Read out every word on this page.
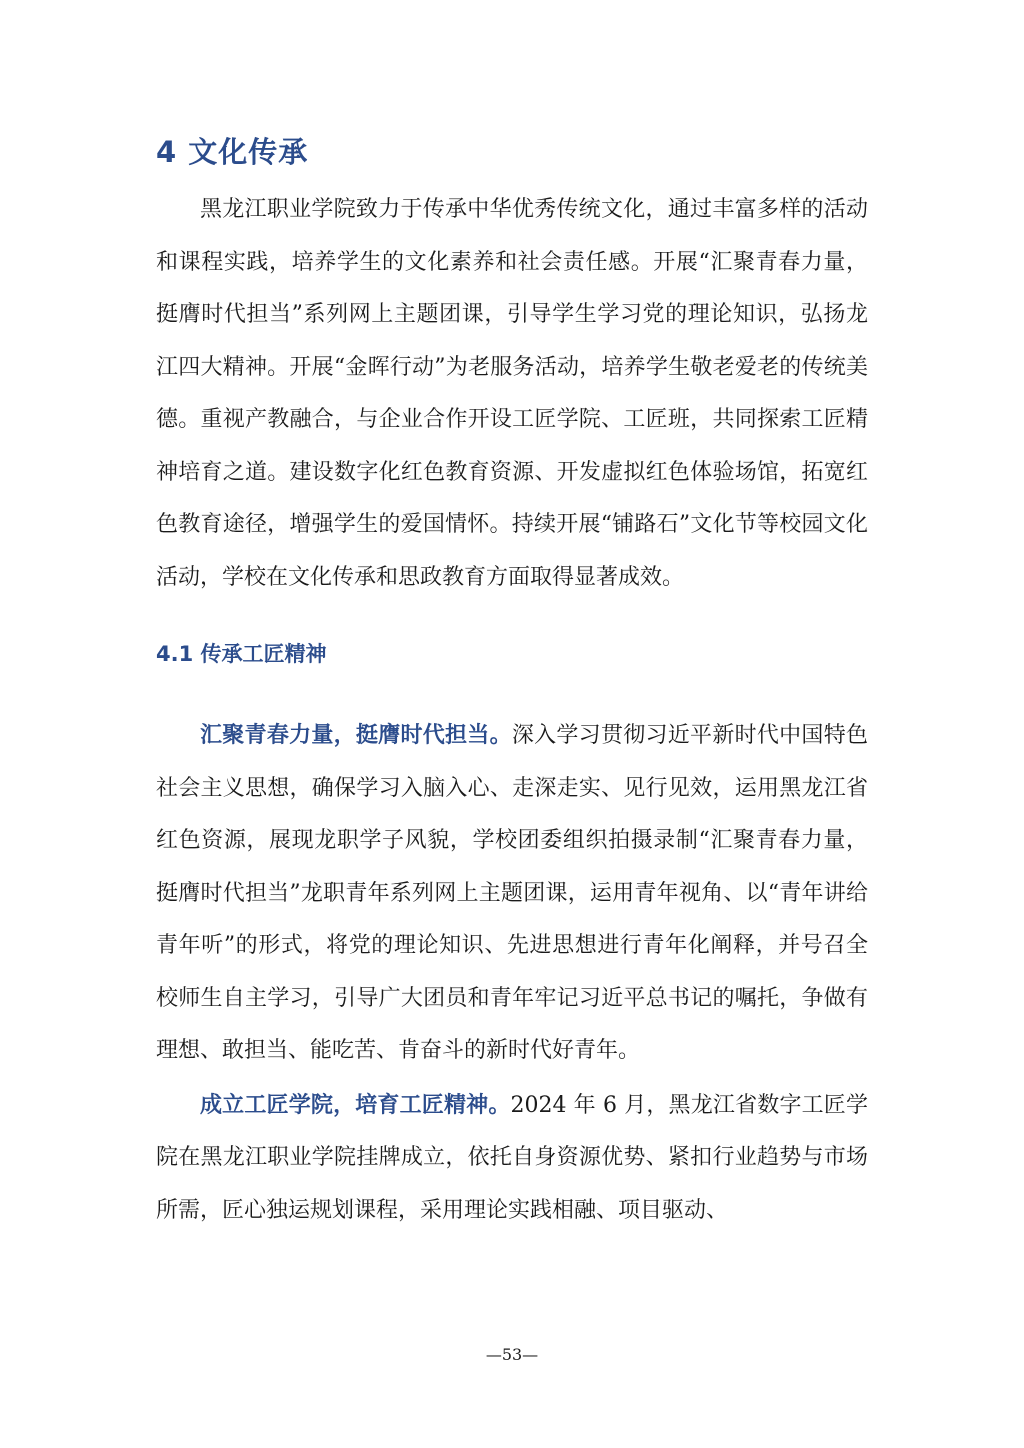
4 文化传承

黑龙江职业学院致力于传承中华优秀传统文化，通过丰富多样的活动和课程实践，培养学生的文化素养和社会责任感。开展“汇聚青春力量，挺膺时代担当”系列网上主题团课，引导学生学习党的理论知识，弘扬龙江四大精神。开展“金晖行动”为老服务活动，培养学生敬老爱老的传统美德。重视产教融合，与企业合作开设工匠学院、工匠班，共同探索工匠精神培育之道。建设数字化红色教育资源、开发虚拟红色体验场馆，拓宽红色教育途径，增强学生的爱国情怀。持续开展“铺路石”文化节等校园文化活动，学校在文化传承和思政教育方面取得显著成效。

4.1 传承工匠精神

汇聚青春力量，挺膺时代担当。深入学习贯彻习近平新时代中国特色社会主义思想，确保学习入脑入心、走深走实、见行见效，运用黑龙江省红色资源，展现龙职学子风貌，学校团委组织拍摄录制“汇聚青春力量，挺膺时代担当”龙职青年系列网上主题团课，运用青年视角、以“青年讲给青年听”的形式，将党的理论知识、先进思想进行青年化阐释，并号召全校师生自主学习，引导广大团员和青年牢记习近平总书记的嘱托，争做有理想、敢担当、能吃苦、肯奋斗的新时代好青年。

成立工匠学院，培育工匠精神。2024 年 6 月，黑龙江省数字工匠学院在黑龙江职业学院挂牌成立，依托自身资源优势、紧扣行业趋势与市场所需，匠心独运规划课程，采用理论实践相融、项目驱动、

—53—
